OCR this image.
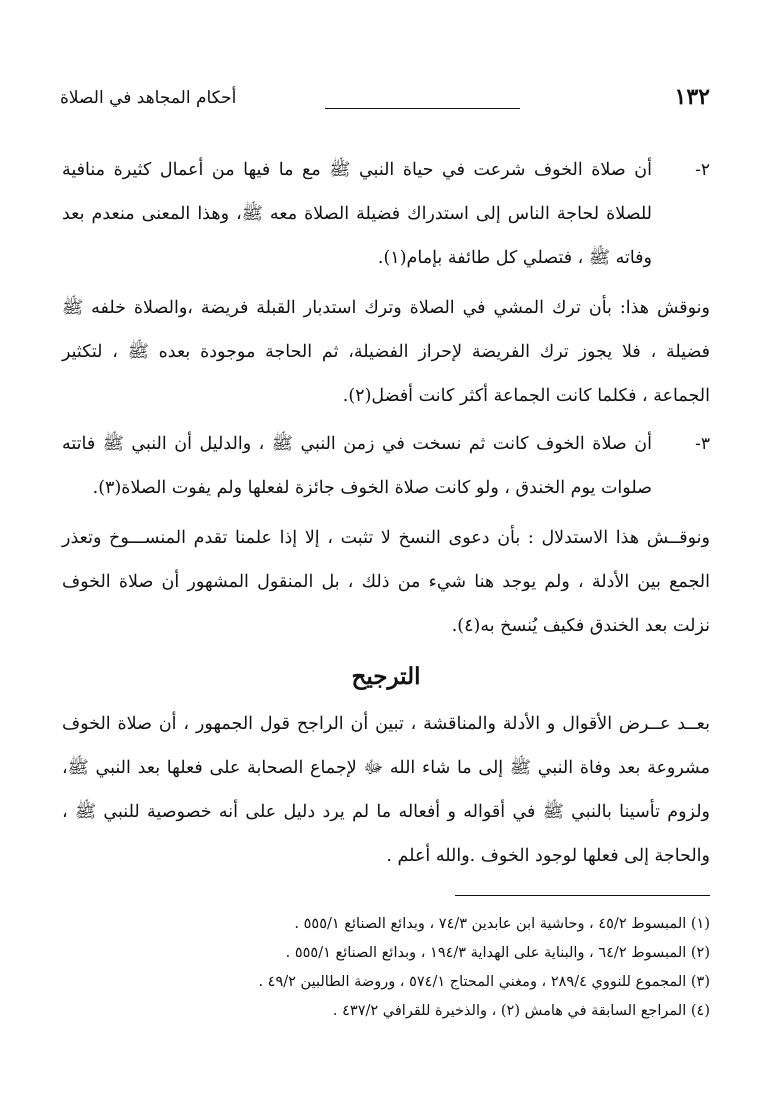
١٣٢
أحكام المجاهد في الصلاة
٢-

أن صلاة الخوف شرعت في حياة النبي ﷺ مع ما فيها من أعمال كثيرة منافية للصلاة لحاجة الناس إلى استدراك فضيلة الصلاة معه ﷺ، وهذا المعنى منعدم بعد وفاته ﷺ ، فتصلي كل طائفة بإمام(١).

ونوقش هذا: بأن ترك المشي في الصلاة وترك استدبار القبلة فريضة ،والصلاة خلفه ﷺ فضيلة ، فلا يجوز ترك الفريضة لإحراز الفضيلة، ثم الحاجة موجودة بعده ﷺ ، لتكثير الجماعة ، فكلما كانت الجماعة أكثر كانت أفضل(٢).

٣-

أن صلاة الخوف كانت ثم نسخت في زمن النبي ﷺ ، والدليل أن النبي ﷺ فاتته صلوات يوم الخندق ، ولو كانت صلاة الخوف جائزة لفعلها ولم يفوت الصلاة(٣).

ونوقــش هذا الاستدلال : بأن دعوى النسخ لا تثبت ، إلا إذا علمنا تقدم المنســـوخ وتعذر الجمع بين الأدلة ، ولم يوجد هنا شيء من ذلك ، بل المنقول المشهور أن صلاة الخوف نزلت بعد الخندق فكيف يُنسخ به(٤).

الترجيح

بعــد عــرض الأقوال و الأدلة والمناقشة ، تبين أن الراجح قول الجمهور ، أن صلاة الخوف مشروعة بعد وفاة النبي ﷺ إلى ما شاء الله ﷻ لإجماع الصحابة على فعلها بعد النبي ﷺ، ولزوم تأسينا بالنبي ﷺ في أقواله و أفعاله ما لم يرد دليل على أنه خصوصية للنبي ﷺ ، والحاجة إلى فعلها لوجود الخوف .والله أعلم .

(١) المبسوط ٤٥/٢ ، وحاشية ابن عابدين ٧٤/٣ ، وبدائع الصنائع ٥٥٥/١ .

(٢) المبسوط ٦٤/٢ ، والبناية على الهداية ١٩٤/٣ ، وبدائع الصنائع ٥٥٥/١ .

(٣) المجموع للنووي ٢٨٩/٤ ، ومغني المحتاج ٥٧٤/١ ، وروضة الطالبين ٤٩/٢ .

(٤) المراجع السابقة في هامش (٢) ، والذخيرة للقرافي ٤٣٧/٢ .
